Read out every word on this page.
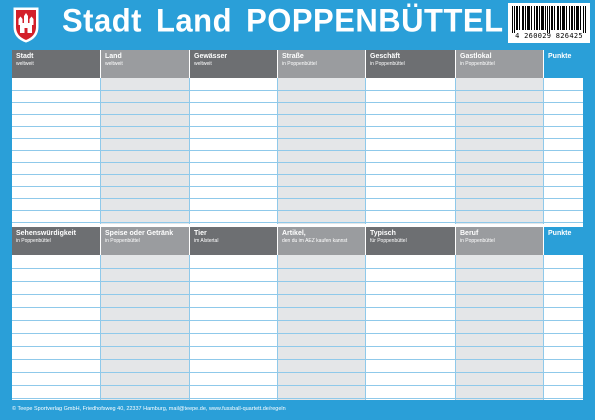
Stadt Land POPPENBÜTTEL	4 260029 826425
Stadt
weltweit
Land
weltweit
Gewässer
weltweit
Straße
in Poppenbüttel
Geschäft
in Poppenbüttel
Gastlokal
in Poppenbüttel
Punkte
Sehenswürdigkeit
in Poppenbüttel
Speise oder Getränk
in Poppenbüttel
Tier
im Alstertal
Artikel,
den du im AEZ kaufen kannst
Typisch
für Poppenbüttel
Beruf
in Poppenbüttel
Punkte
© Teepe Sportverlag GmbH, Friedhofsweg 40, 22337 Hamburg, mail@teepe.de, www.fussball-quartett.de/regeln
